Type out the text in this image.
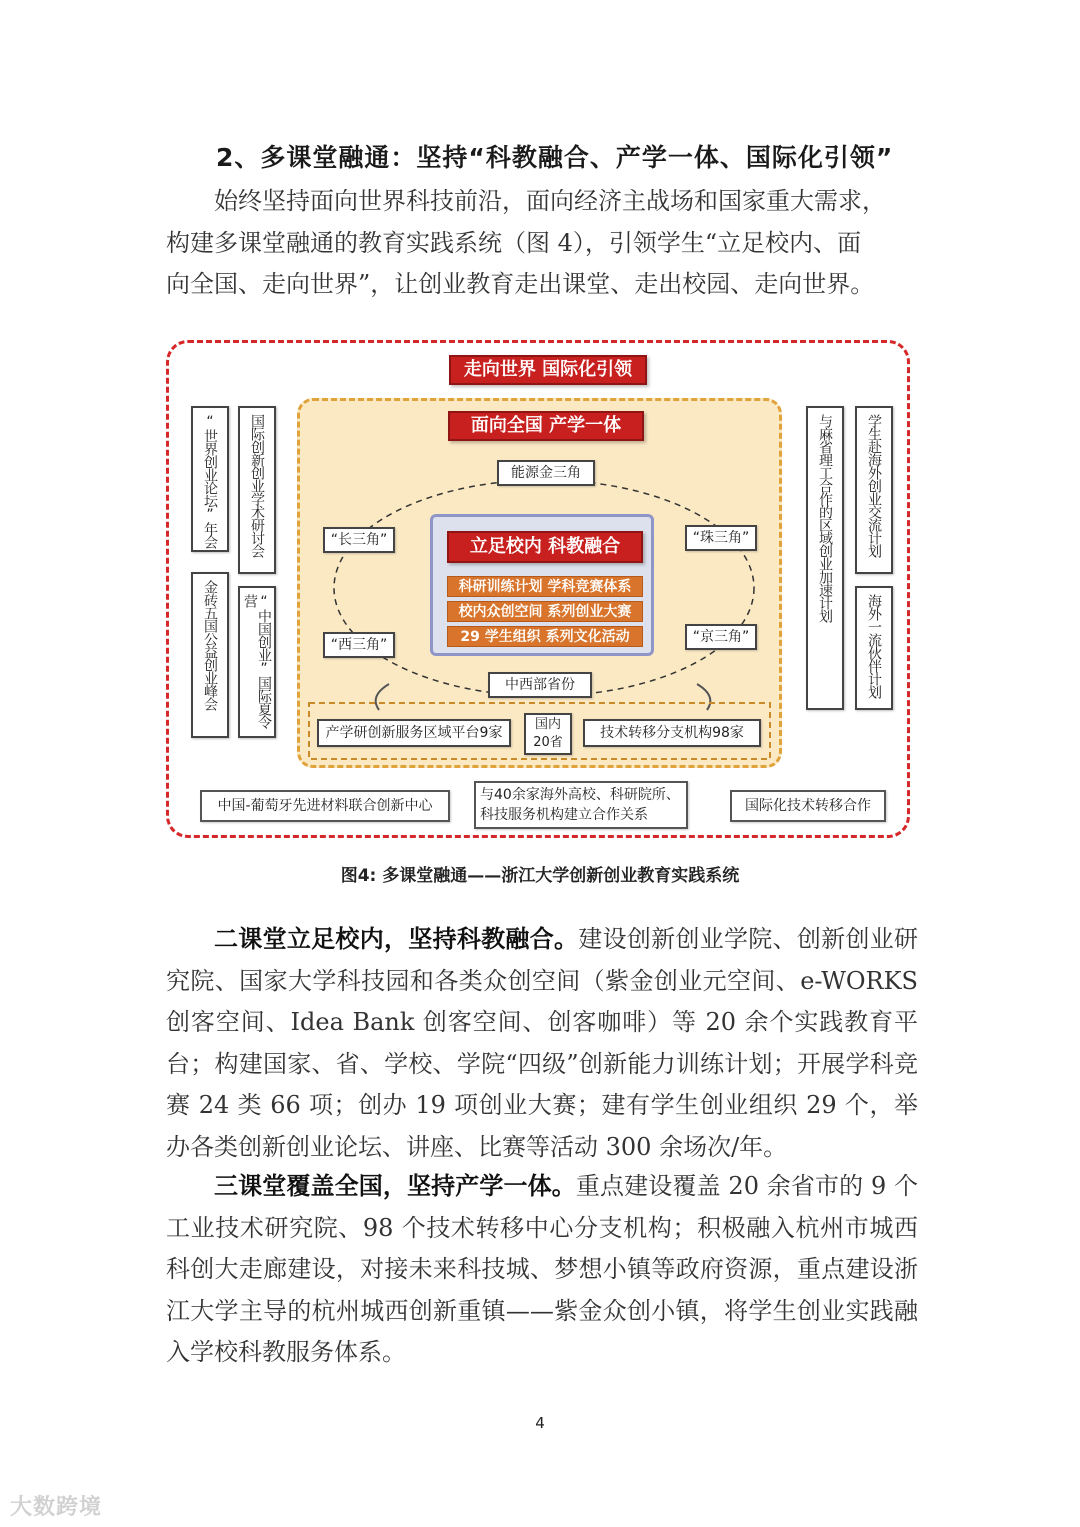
2、多课堂融通：坚持“科教融合、产学一体、国际化引领”

始终坚持面向世界科技前沿，面向经济主战场和国家重大需求，

构建多课堂融通的教育实践系统（图 4），引领学生“立足校内、面

向全国、走向世界”，让创业教育走出课堂、走出校园、走向世界。

走向世界 国际化引领
“世界创业论坛”年会 国际创新创业学术研讨会
金砖五国公益创业峰会	“中国创业”国际夏令营	与麻省理工合作的区域创业加速计划 学生赴海外创业交流计划
海外一流伙伴计划
面向全国 产学一体
能源金三角
“长三角”	“珠三角”
“西三角”	“京三角”
中西部省份
立足校内 科教融合
科研训练计划 学科竞赛体系
校内众创空间 系列创业大赛
29 学生组织 系列文化活动
产学研创新服务区域平台9家
国内
20省
技术转移分支机构98家
中国-葡萄牙先进材料联合创新中心
与40余家海外高校、科研院所、
科技服务机构建立合作关系
国际化技术转移合作
图4: 多课堂融通——浙江大学创新创业教育实践系统

二课堂立足校内，坚持科教融合。建设创新创业学院、创新创业研究院、国家大学科技园和各类众创空间（紫金创业元空间、e-WORKS 创客空间、Idea Bank 创客空间、创客咖啡）等 20 余个实践教育平台；构建国家、省、学校、学院“四级”创新能力训练计划；开展学科竞赛 24 类 66 项；创办 19 项创业大赛；建有学生创业组织 29 个，举办各类创新创业论坛、讲座、比赛等活动 300 余场次/年。

三课堂覆盖全国，坚持产学一体。重点建设覆盖 20 余省市的 9 个工业技术研究院、98 个技术转移中心分支机构；积极融入杭州市城西科创大走廊建设，对接未来科技城、梦想小镇等政府资源，重点建设浙江大学主导的杭州城西创新重镇——紫金众创小镇，将学生创业实践融入学校科教服务体系。

4
大数跨境
